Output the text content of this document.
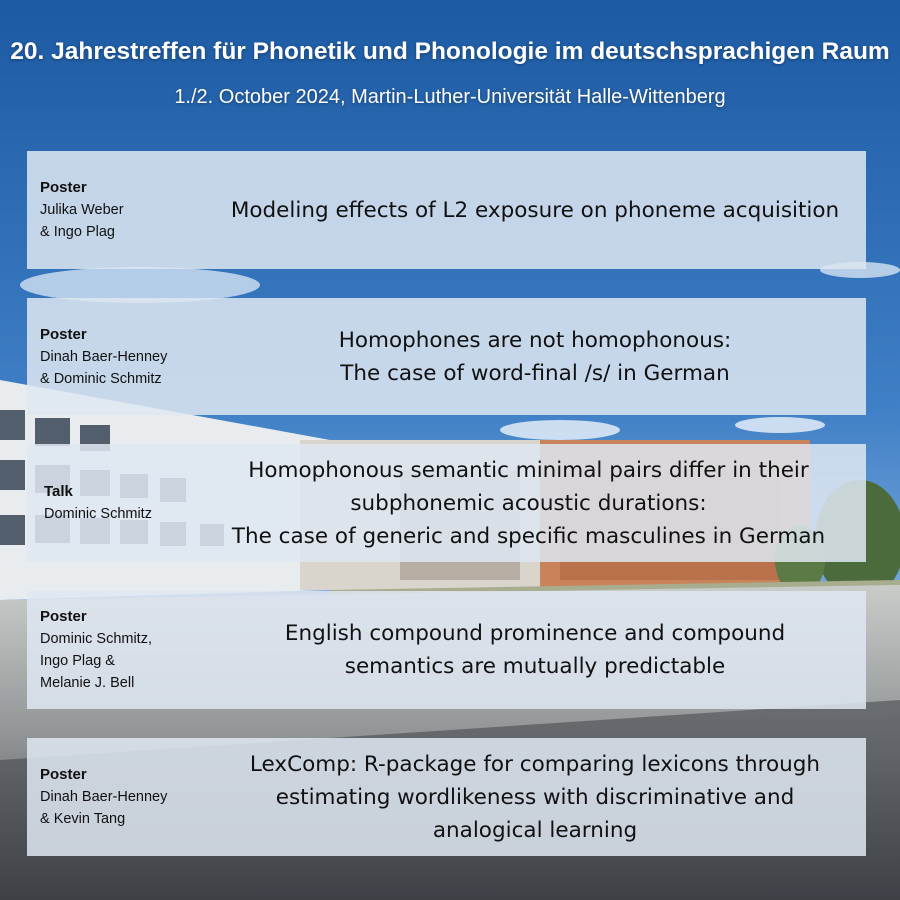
20. Jahrestreffen für Phonetik und Phonologie im deutschsprachigen Raum
1./2. October 2024, Martin-Luther-Universität Halle-Wittenberg
Poster
Julika Weber
& Ingo Plag
Modeling effects of L2 exposure on phoneme acquisition
Poster
Dinah Baer-Henney
& Dominic Schmitz
Homophones are not homophonous:
The case of word-final /s/ in German
Talk
Dominic Schmitz
Homophonous semantic minimal pairs differ in their
subphonemic acoustic durations:
The case of generic and specific masculines in German
Poster
Dominic Schmitz,
Ingo Plag &
Melanie J. Bell
English compound prominence and compound
semantics are mutually predictable
Poster
Dinah Baer-Henney
& Kevin Tang
LexComp: R-package for comparing lexicons through
estimating wordlikeness with discriminative and
analogical learning
